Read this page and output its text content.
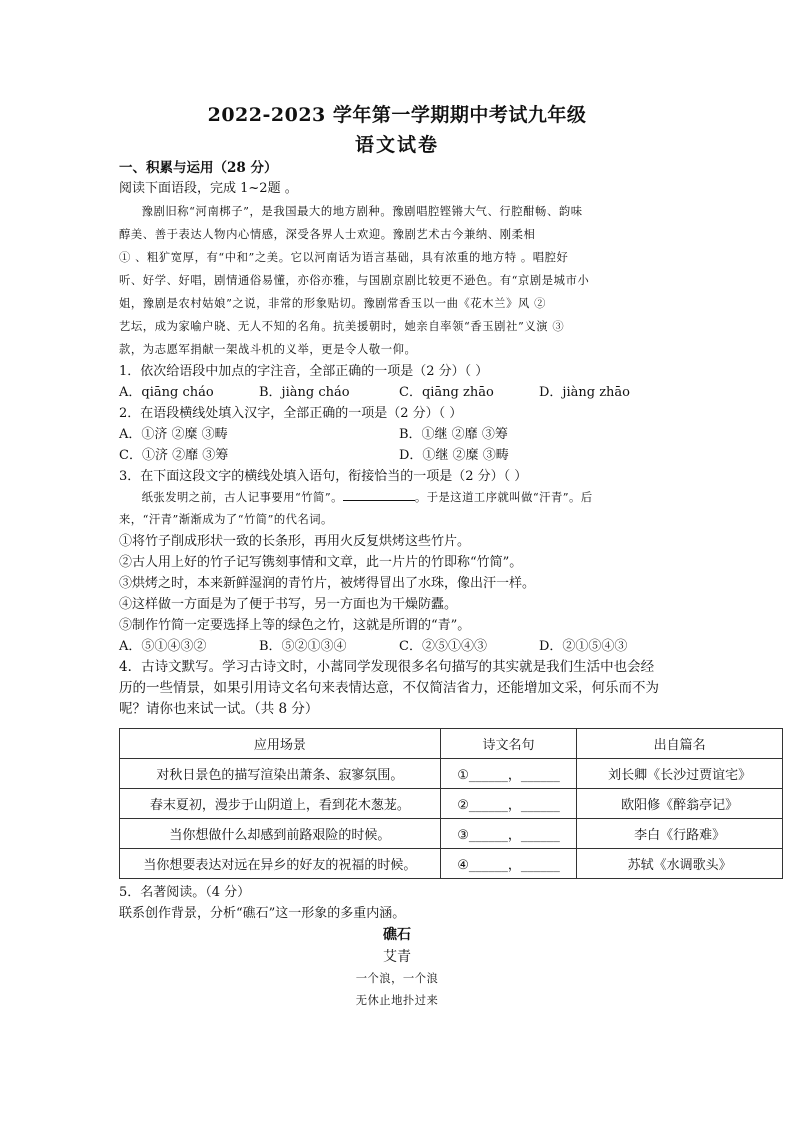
2022-2023 学年第一学期期中考试九年级
语文试卷
一、积累与运用（28 分）
阅读下面语段，完成 1~2题 。

豫剧旧称“河南梆子”，是我国最大的地方剧种。豫剧唱腔铿锵大气、行腔酣畅、韵味

醇美、善于表达人物内心情感，深受各界人士欢迎。豫剧艺术古今兼纳、刚柔相

① 、粗犷宽厚，有“中和”之美。它以河南话为语言基础，具有浓重的地方特 。唱腔好

听、好学、好唱，剧情通俗易懂，亦俗亦雅，与国剧京剧比较更不逊色。有“京剧是城市小

姐，豫剧是农村姑娘”之说，非常的形象贴切。豫剧常香玉以一曲《花木兰》风 ②

艺坛，成为家喻户晓、无人不知的名角。抗美援朝时，她亲自率领“香玉剧社”义演 ③

款，为志愿军捐献一架战斗机的义举，更是令人敬一仰。

1．依次给语段中加点的字注音，全部正确的一项是（2 分）（ ）
A．qiāng cháo	B．jiàng cháo	C．qiāng zhāo	D．jiàng zhāo
2．在语段横线处填入汉字，全部正确的一项是（2 分）（ ）
A．①济 ②糜 ③畴	B．①继 ②靡 ③筹
C．①济 ②靡 ③筹	D．①继 ②糜 ③畴
3．在下面这段文字的横线处填入语句，衔接恰当的一项是（2 分）（ ）
纸张发明之前，古人记事要用“竹简”。	。于是这道工序就叫做“汗青”。后
来，“汗青”渐渐成为了“竹简”的代名词。
①将竹子削成形状一致的长条形，再用火反复烘烤这些竹片。
②古人用上好的竹子记写镌刻事情和文章，此一片片的竹即称“竹简”。
③烘烤之时，本来新鲜湿润的青竹片，被烤得冒出了水珠，像出汗一样。
④这样做一方面是为了便于书写，另一方面也为干燥防蠹。
⑤制作竹简一定要选择上等的绿色之竹，这就是所谓的“青”。
A．⑤①④③②	B．⑤②①③④	C．②⑤①④③	D．②①⑤④③
4．古诗文默写。学习古诗文时，小蒿同学发现很多名句描写的其实就是我们生活中也会经
历的一些情景，如果引用诗文名句来表情达意，不仅简洁省力，还能增加文采，何乐而不为
呢？请你也来试一试。（共 8 分）
应用场景	诗文名句	出自篇名
对秋日景色的描写渲染出萧条、寂寥氛围。	①______，______	刘长卿《长沙过贾谊宅》
春末夏初，漫步于山阴道上，看到花木葱茏。	②______，______	欧阳修《醉翁亭记》
当你想做什么却感到前路艰险的时候。	③______，______	李白《行路难》
当你想要表达对远在异乡的好友的祝福的时候。	④______，______	苏轼《水调歌头》
5．名著阅读。（4 分）
联系创作背景，分析“礁石”这一形象的多重内涵。
礁石
艾青
一个浪，一个浪
无休止地扑过来
